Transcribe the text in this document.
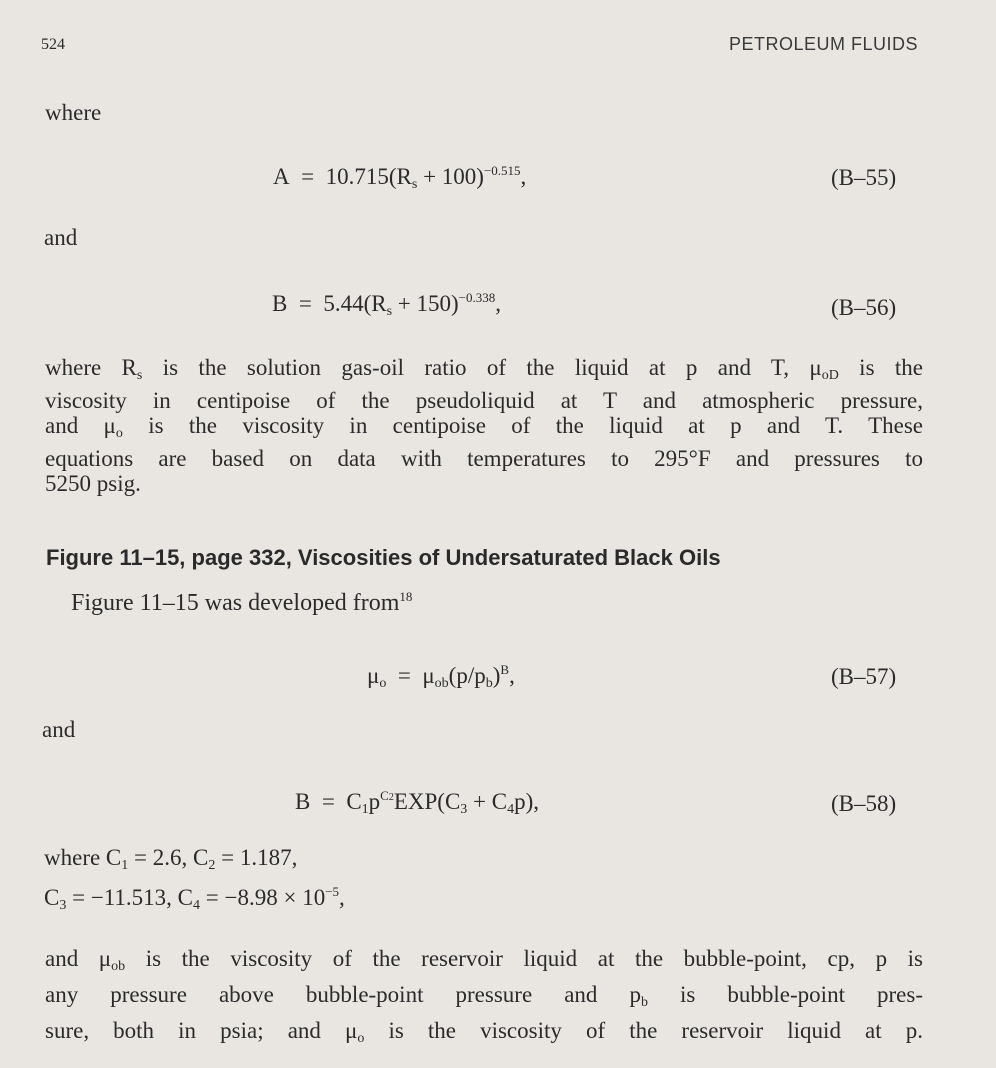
524	PETROLEUM FLUIDS
where
$A = 10.715(R_s + 100)^{-0.515}$,	(B–55)
and
$B = 5.44(R_s + 150)^{-0.338}$,	(B–56)
where $R_s$ is the solution gas-oil ratio of the liquid at p and T, $\mu_{oD}$ is the
viscosity in centipoise of the pseudoliquid at T and atmospheric pressure,
and $\mu_o$ is the viscosity in centipoise of the liquid at p and T. These
equations are based on data with temperatures to 295°F and pressures to
5250 psig.
Figure 11–15, page 332, Viscosities of Undersaturated Black Oils
Figure 11–15 was developed from$^{18}$
$\mu_o = \mu_{ob}(p/p_b)^B$,	(B–57)
and
$B = C_1p^{C2}EXP(C_3 + C_4p)$,	(B–58)
where $C_1 = 2.6$, $C_2 = 1.187$,
$C_3 = -11.513$, $C_4 = -8.98 \times 10^{-5}$,
and $\mu_{ob}$ is the viscosity of the reservoir liquid at the bubble-point, cp, p is
any pressure above bubble-point pressure and $p_b$ is bubble-point pres-
sure, both in psia; and $\mu_o$ is the viscosity of the reservoir liquid at p.
